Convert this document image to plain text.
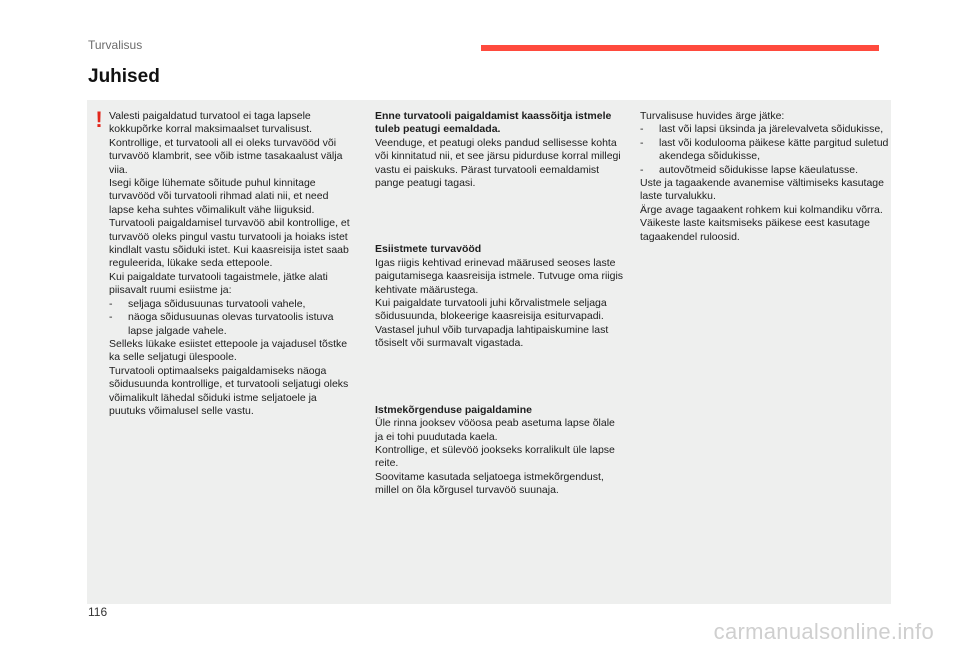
Turvalisus
Juhised
! Valesti paigaldatud turvatool ei taga lapsele kokkupõrke korral maksimaalset turvalisust. Kontrollige, et turvatooli all ei oleks turvavööd või turvavöö klambrit, see võib istme tasakaalust välja viia.

Isegi kõige lühemate sõitude puhul kinnitage turvavööd või turvatooli rihmad alati nii, et need lapse keha suhtes võimalikult vähe liiguksid.

Turvatooli paigaldamisel turvavöö abil kontrollige, et turvavöö oleks pingul vastu turvatooli ja hoiaks istet kindlalt vastu sõiduki istet. Kui kaasreisija istet saab reguleerida, lükake seda ettepoole.

Kui paigaldate turvatooli tagaistmele, jätke alati piisavalt ruumi esiistme ja:

- seljaga sõidusuunas turvatooli vahele,
- näoga sõidusuunas olevas turvatoolis istuva lapse jalgade vahele.

Selleks lükake esiistet ettepoole ja vajadusel tõstke ka selle seljatugi ülespoole.

Turvatooli optimaalseks paigaldamiseks näoga sõidusuunda kontrollige, et turvatooli seljatugi oleks võimalikult lähedal sõiduki istme seljatoele ja puutuks võimalusel selle vastu.

Enne turvatooli paigaldamist kaassõitja istmele tuleb peatugi eemaldada.

Veenduge, et peatugi oleks pandud sellisesse kohta või kinnitatud nii, et see järsu pidurduse korral millegi vastu ei paiskuks. Pärast turvatooli eemaldamist pange peatugi tagasi.

Esiistmete turvavööd

Igas riigis kehtivad erinevad määrused seoses laste paigutamisega kaasreisija istmele. Tutvuge oma riigis kehtivate määrustega.

Kui paigaldate turvatooli juhi kõrvalistmele seljaga sõidusuunda, blokeerige kaasreisija esiturvapadi.

Vastasel juhul võib turvapadja lahtipaiskumine last tõsiselt või surmavalt vigastada.

Istmekõrgenduse paigaldamine

Üle rinna jooksev vööosa peab asetuma lapse õlale ja ei tohi puudutada kaela.

Kontrollige, et sülevöö jookseks korralikult üle lapse reite.

Soovitame kasutada seljatoega istmekõrgendust, millel on õla kõrgusel turvavöö suunaja.

Turvalisuse huvides ärge jätke:

- last või lapsi üksinda ja järelevalveta sõidukisse,
- last või kodulooma päikese kätte pargitud suletud akendega sõidukisse,
- autovõtmeid sõidukisse lapse käeulatusse.

Uste ja tagaakende avanemise vältimiseks kasutage laste turvalukku.

Ärge avage tagaakent rohkem kui kolmandiku võrra.

Väikeste laste kaitsmiseks päikese eest kasutage tagaakendel ruloosid.

116
carmanualsonline.info
